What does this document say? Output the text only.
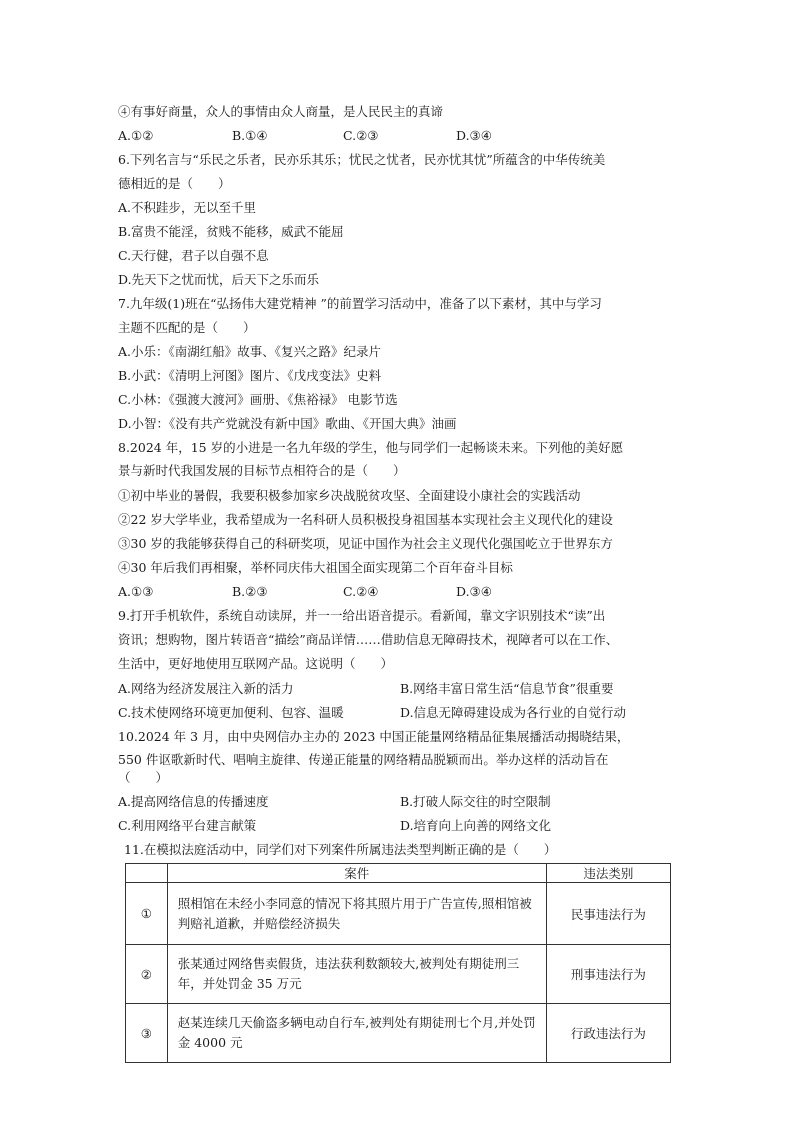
④有事好商量，众人的事情由众人商量，是人民民主的真谛
A.①②	B.①④	C.②③	D.③④
6.下列名言与“乐民之乐者，民亦乐其乐；忧民之忧者，民亦忧其忧”所蕴含的中华传统美
德相近的是（　　）
A.不积跬步，无以至千里
B.富贵不能淫，贫贱不能移，威武不能屈
C.天行健，君子以自强不息
D.先天下之忧而忧，后天下之乐而乐
7.九年级(1)班在“弘扬伟大建党精神 ”的前置学习活动中，准备了以下素材，其中与学习
主题不匹配的是（　　）
A.小乐：《南湖红船》故事、《复兴之路》纪录片
B.小武：《清明上河图》图片、《戊戌变法》史料
C.小林：《强渡大渡河》画册、《焦裕禄》 电影节选
D.小智：《没有共产党就没有新中国》歌曲、《开国大典》油画
8.2024 年，15 岁的小进是一名九年级的学生，他与同学们一起畅谈未来。下列他的美好愿
景与新时代我国发展的目标节点相符合的是（　　）
①初中毕业的暑假，我要积极参加家乡决战脱贫攻坚、全面建设小康社会的实践活动
②22 岁大学毕业，我希望成为一名科研人员积极投身祖国基本实现社会主义现代化的建设
③30 岁的我能够获得自己的科研奖项，见证中国作为社会主义现代化强国屹立于世界东方
④30 年后我们再相聚，举杯同庆伟大祖国全面实现第二个百年奋斗目标
A.①③	B.②③	C.②④	D.③④
9.打开手机软件，系统自动读屏，并一一给出语音提示。看新闻，靠文字识别技术“读”出
资讯；想购物，图片转语音“描绘”商品详情……借助信息无障碍技术，视障者可以在工作、
生活中，更好地使用互联网产品。这说明（　　）
A.网络为经济发展注入新的活力	B.网络丰富日常生活“信息节食”很重要
C.技术使网络环境更加便利、包容、温暖	D.信息无障碍建设成为各行业的自觉行动
10.2024 年 3 月，由中央网信办主办的 2023 中国正能量网络精品征集展播活动揭晓结果，
550 件讴歌新时代、唱响主旋律、传递正能量的网络精品脱颖而出。举办这样的活动旨在
（　　）
A.提高网络信息的传播速度	B.打破人际交往的时空限制
C.利用网络平台建言献策	D.培育向上向善的网络文化
11.在模拟法庭活动中，同学们对下列案件所属违法类型判断正确的是（　　）
	案件	违法类别
①	照相馆在未经小李同意的情况下将其照片用于广告宣传,照相馆被判赔礼道歉，并赔偿经济损失	民事违法行为
②	张某通过网络售卖假货，违法获利数额较大,被判处有期徒刑三年，并处罚金 35 万元	刑事违法行为
③	赵某连续几天偷盗多辆电动自行车,被判处有期徒刑七个月,并处罚金 4000 元	行政违法行为
